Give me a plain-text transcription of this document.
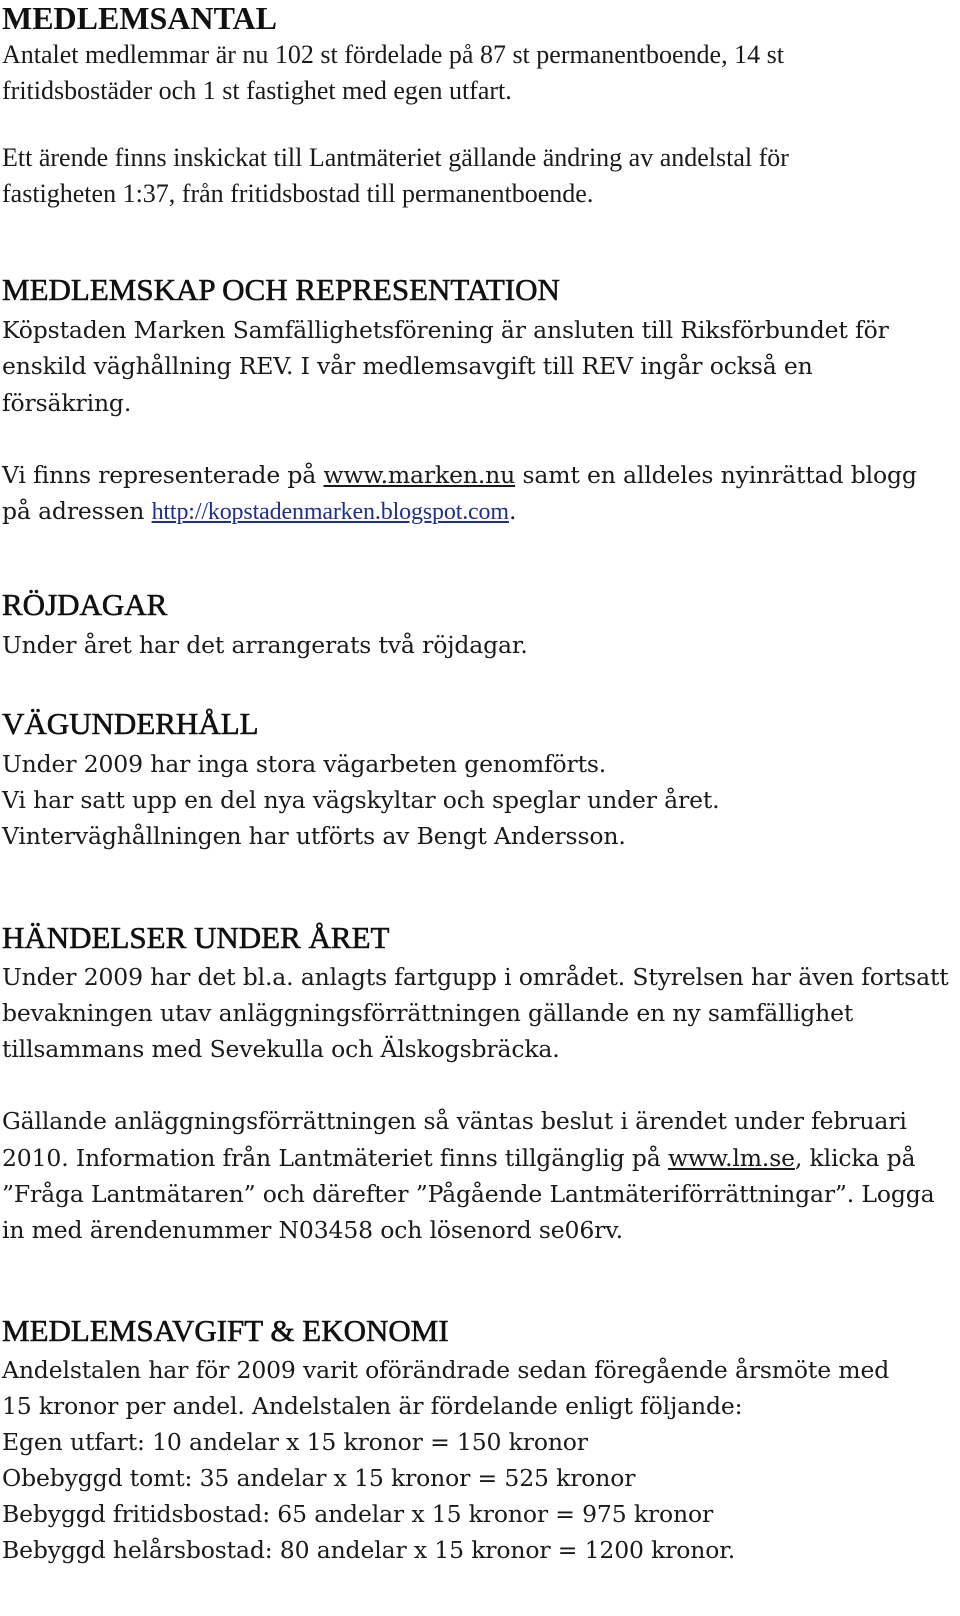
MEDLEMSANTAL
Antalet medlemmar är nu 102 st fördelade på 87 st permanentboende, 14 st
fritidsbostäder och 1 st fastighet med egen utfart.
Ett ärende finns inskickat till Lantmäteriet gällande ändring av andelstal för
fastigheten 1:37, från fritidsbostad till permanentboende.
MEDLEMSKAP OCH REPRESENTATION
Köpstaden Marken Samfällighetsförening är ansluten till Riksförbundet för
enskild väghållning REV. I vår medlemsavgift till REV ingår också en
försäkring.
Vi finns representerade på www.marken.nu samt en alldeles nyinrättad blogg
på adressen http://kopstadenmarken.blogspot.com.
RÖJDAGAR
Under året har det arrangerats två röjdagar.
VÄGUNDERHÅLL
Under 2009 har inga stora vägarbeten genomförts.
Vi har satt upp en del nya vägskyltar och speglar under året.
Vinterväghållningen har utförts av Bengt Andersson.
HÄNDELSER UNDER ÅRET
Under 2009 har det bl.a. anlagts fartgupp i området. Styrelsen har även fortsatt
bevakningen utav anläggningsförrättningen gällande en ny samfällighet
tillsammans med Sevekulla och Älskogsbräcka.
Gällande anläggningsförrättningen så väntas beslut i ärendet under februari
2010. Information från Lantmäteriet finns tillgänglig på www.lm.se, klicka på
”Fråga Lantmätaren” och därefter ”Pågående Lantmäteriförrättningar”. Logga
in med ärendenummer N03458 och lösenord se06rv.
MEDLEMSAVGIFT & EKONOMI
Andelstalen har för 2009 varit oförändrade sedan föregående årsmöte med
15 kronor per andel. Andelstalen är fördelande enligt följande:
Egen utfart: 10 andelar x 15 kronor = 150 kronor
Obebyggd tomt: 35 andelar x 15 kronor = 525 kronor
Bebyggd fritidsbostad: 65 andelar x 15 kronor = 975 kronor
Bebyggd helårsbostad: 80 andelar x 15 kronor = 1200 kronor.
